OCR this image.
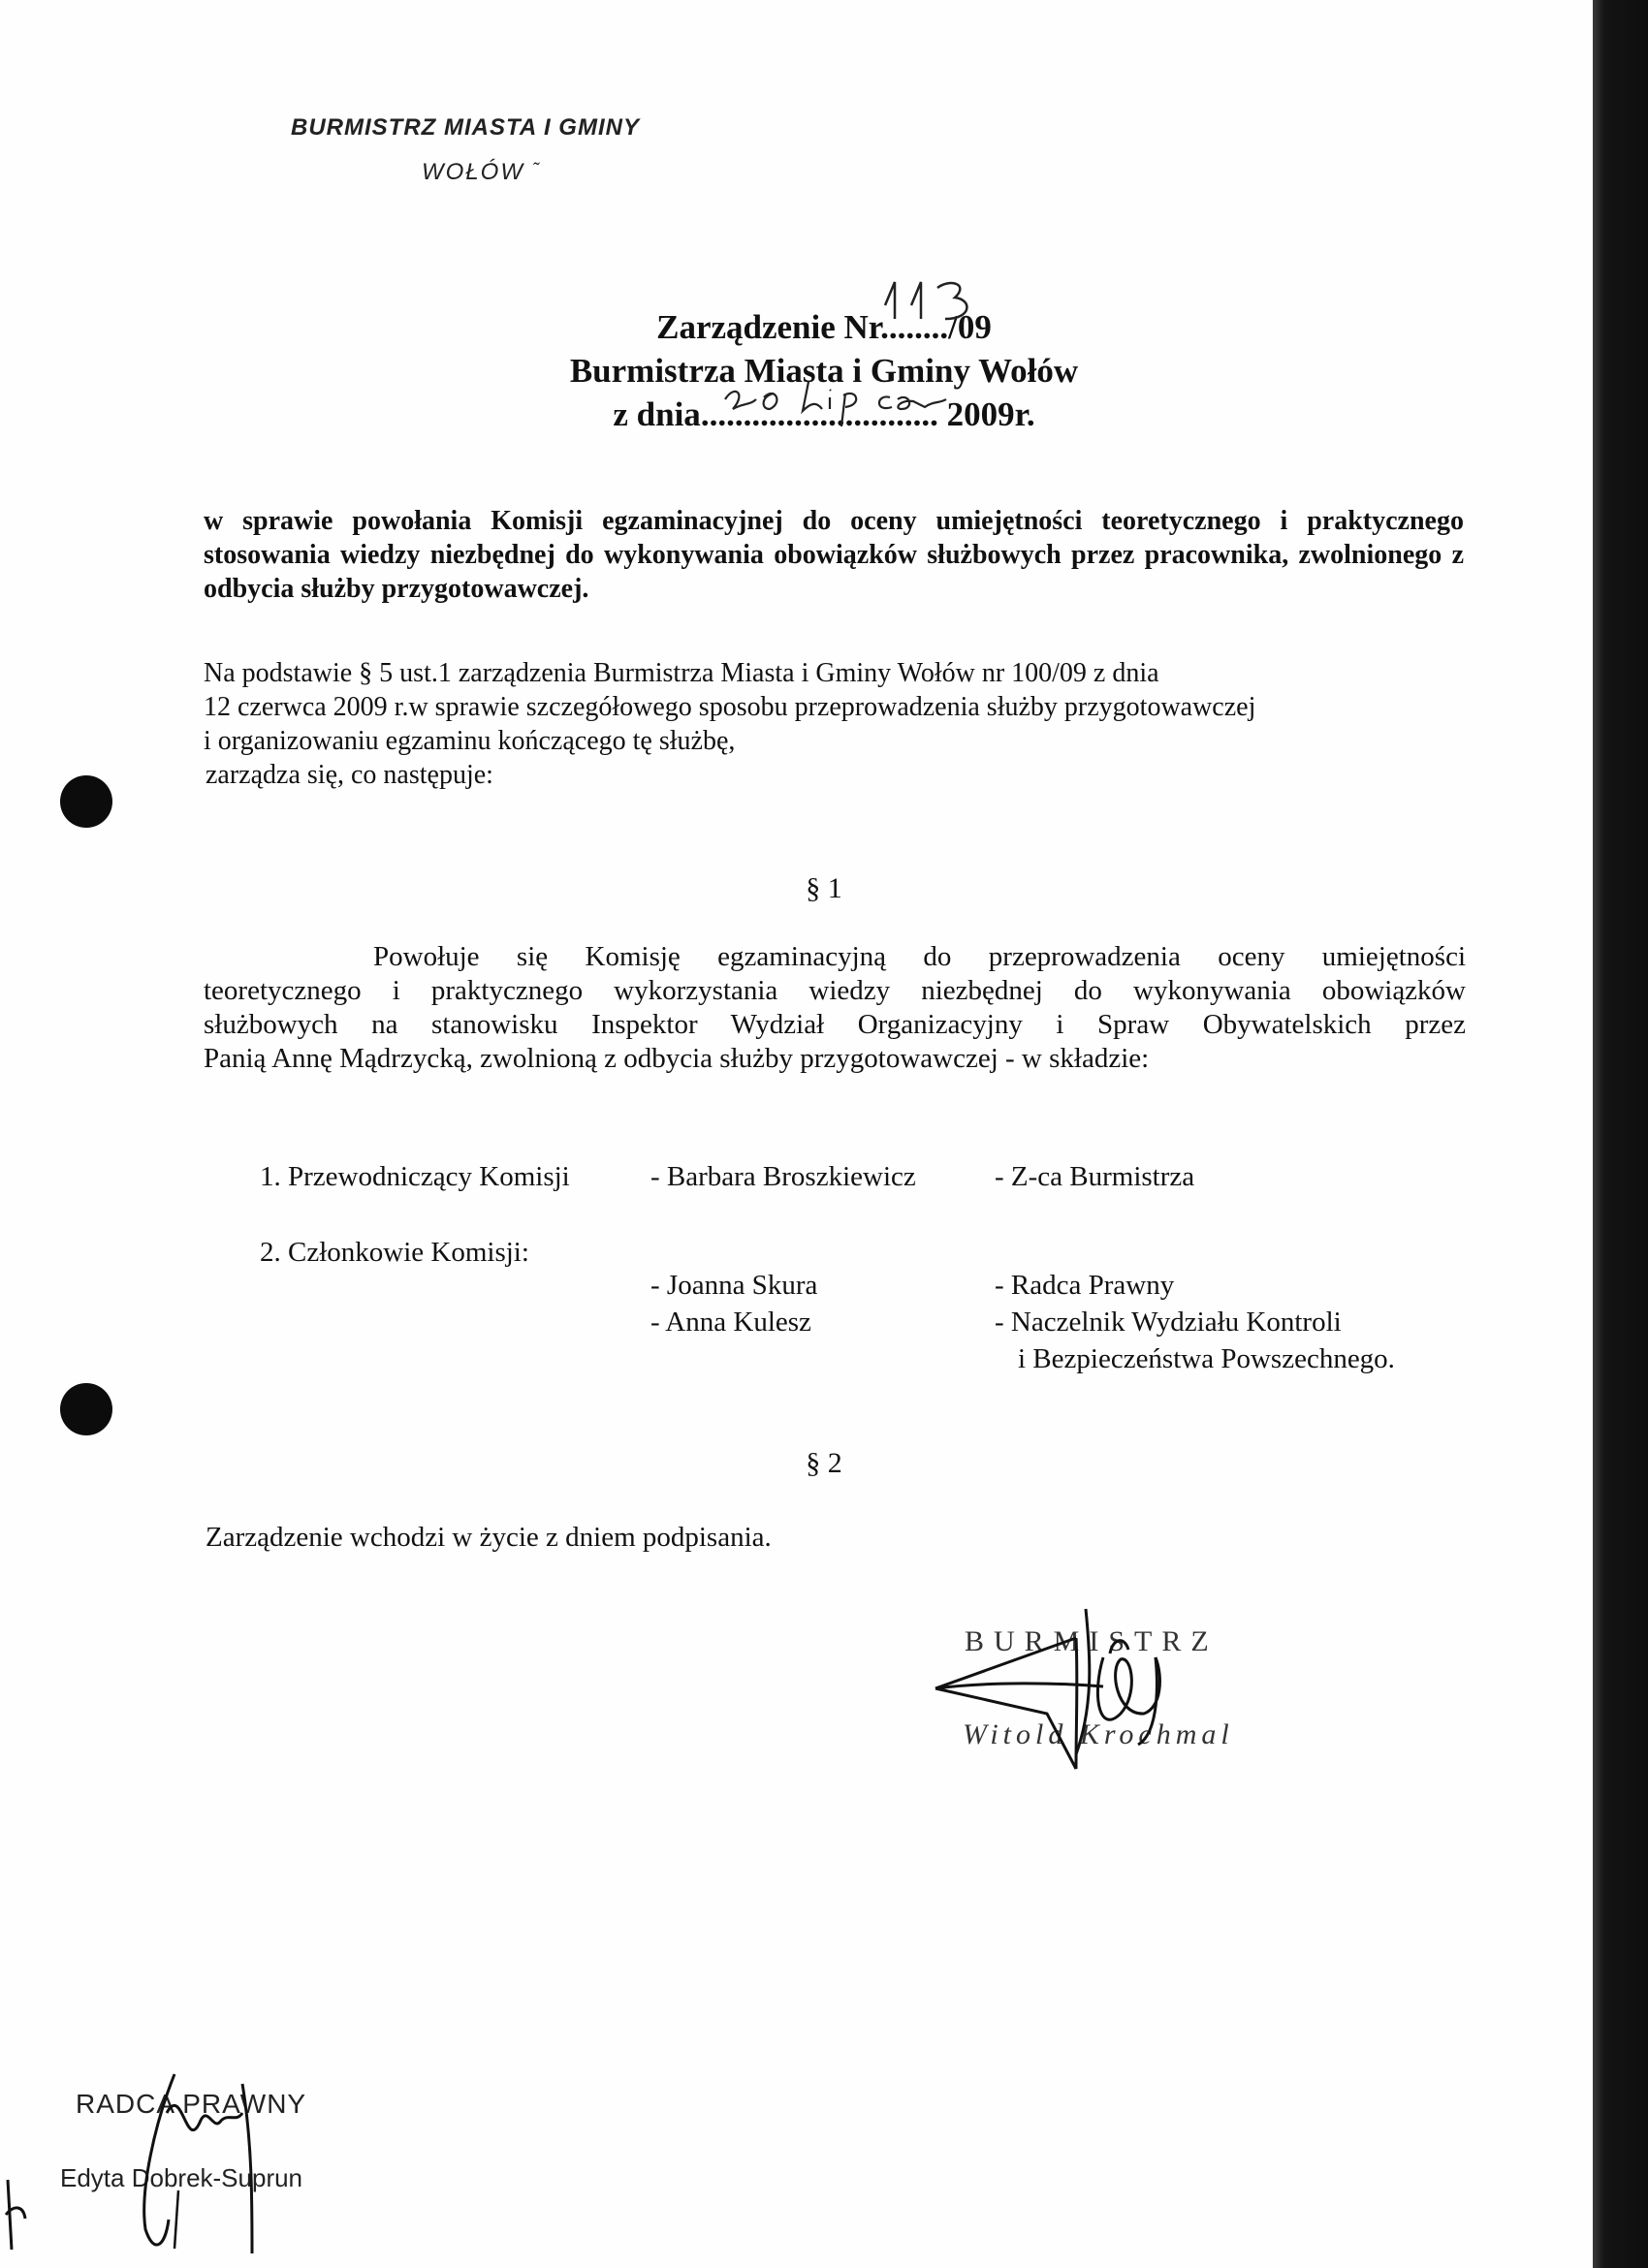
BURMISTRZ MIASTA I GMINY
WOŁÓW ˜
Zarządzenie Nr......../09
Burmistrza Miasta i Gminy Wołów
z dnia............................ 2009r.
w sprawie powołania Komisji egzaminacyjnej do oceny umiejętności teoretycznego i praktycznego stosowania wiedzy niezbędnej do wykonywania obowiązków służbowych przez pracownika, zwolnionego z odbycia służby przygotowawczej.
Na podstawie § 5 ust.1 zarządzenia Burmistrza Miasta i Gminy Wołów nr 100/09 z dnia
12 czerwca 2009 r.w sprawie szczegółowego sposobu przeprowadzenia służby przygotowawczej
i organizowaniu egzaminu kończącego tę służbę,
zarządza się, co następuje:
§ 1
Powołuje się Komisję egzaminacyjną do przeprowadzenia oceny umiejętności
teoretycznego i praktycznego wykorzystania wiedzy niezbędnej do wykonywania obowiązków
służbowych na stanowisku Inspektor Wydział Organizacyjny i Spraw Obywatelskich przez
Panią Annę Mądrzycką, zwolnioną z odbycia służby przygotowawczej - w składzie:
1. Przewodniczący Komisji	- Barbara Broszkiewicz	- Z-ca Burmistrza
2. Członkowie Komisji:
- Joanna Skura	- Radca Prawny
- Anna Kulesz	- Naczelnik Wydziału Kontroli
i Bezpieczeństwa Powszechnego.
§ 2
Zarządzenie wchodzi w życie z dniem podpisania.
BURMISTRZ
Witold Krochmal
RADCA PRAWNY
Edyta Dobrek-Suprun
